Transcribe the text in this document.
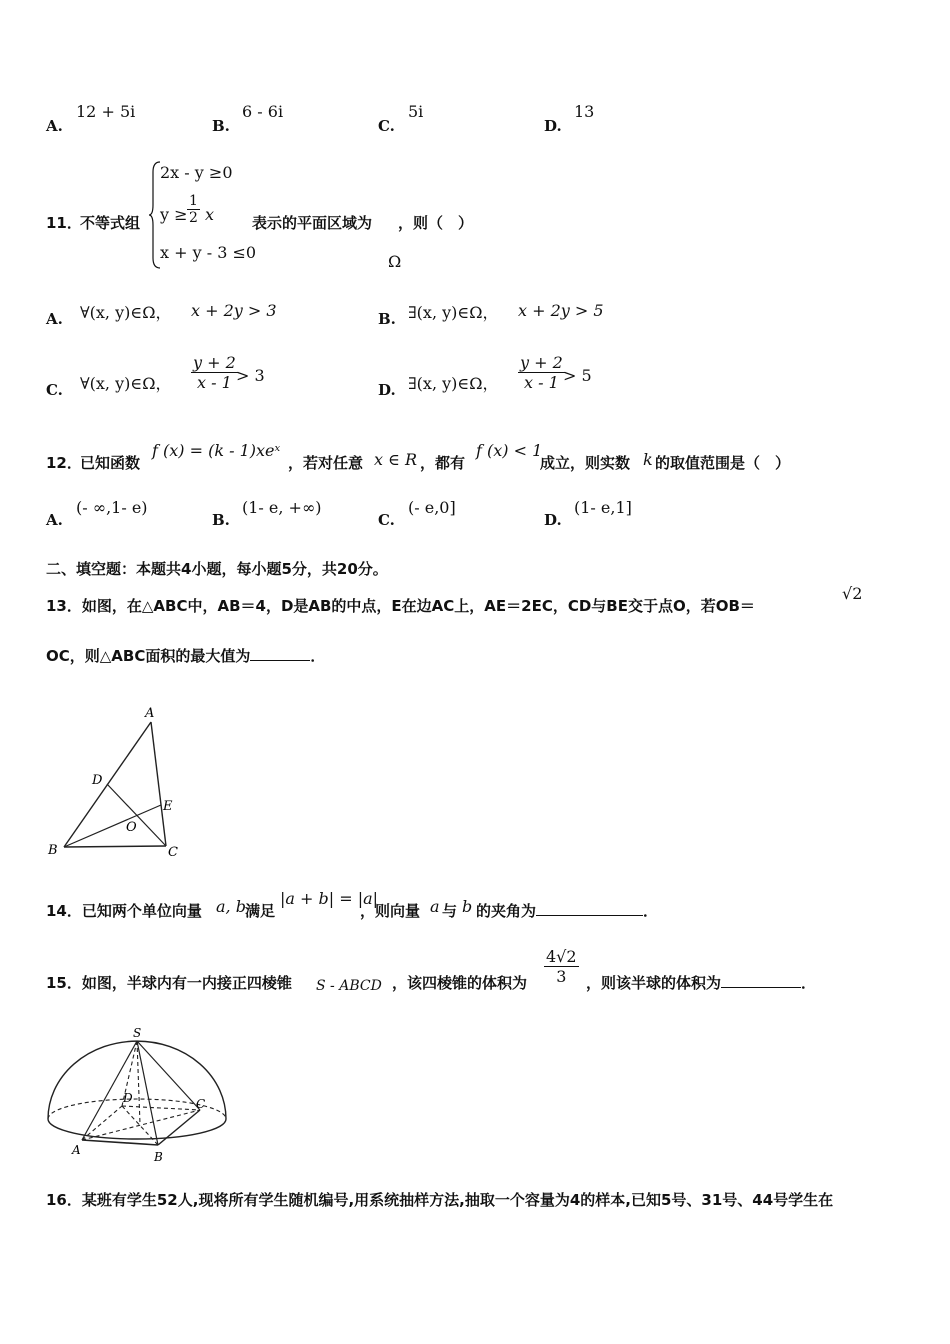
A.
12 + 5i
B.
6 - 6i
C.
5i
D.
13
11．
不等式组
2x - y ≥0
$y \ge \frac{1}{2}$ x
x + y - 3 ≤0
表示的平面区域为
Ω
，则（　）
A. ∀(x, y)∈Ω， x + 2y > 3	B. ∃(x, y)∈Ω， x + 2y > 5
C. ∀(x, y)∈Ω， $\frac{y + 2}{x - 1}$
> 3
D. ∃(x, y)∈Ω， $\frac{y + 2}{x - 1}$
> 5
12．
已知函数
f (x) = (k - 1)xeˣ
，若对任意 x ∈ R ，都有
f (x) < 1
成立，则实数 k 的取值范围是（　）
A.
(- ∞,1- e)
B.
(1- e, +∞)
C.
(- e,0]
D.
(1- e,1]
二、填空题：本题共4小题，每小题5分，共20分。
13．如图，在△ABC中，AB＝4，D是AB的中点，E在边AC上，AE＝2EC，CD与BE交于点O，若OB＝
√2
OC，则△ABC面积的最大值为	．
A
D
E
O
B	C
14．已知两个单位向量 a, b 满足
|a + b| = |a|
，则向量 a 与 b 的夹角为	．
15．如图，半球内有一内接正四棱锥 S - ABCD ，该四棱锥的体积为 $\frac{4√2}{3}$ ，则该半球的体积为	．
S
D	C
A	B
16．某班有学生52人,现将所有学生随机编号,用系统抽样方法,抽取一个容量为4的样本,已知5号、31号、44号学生在
